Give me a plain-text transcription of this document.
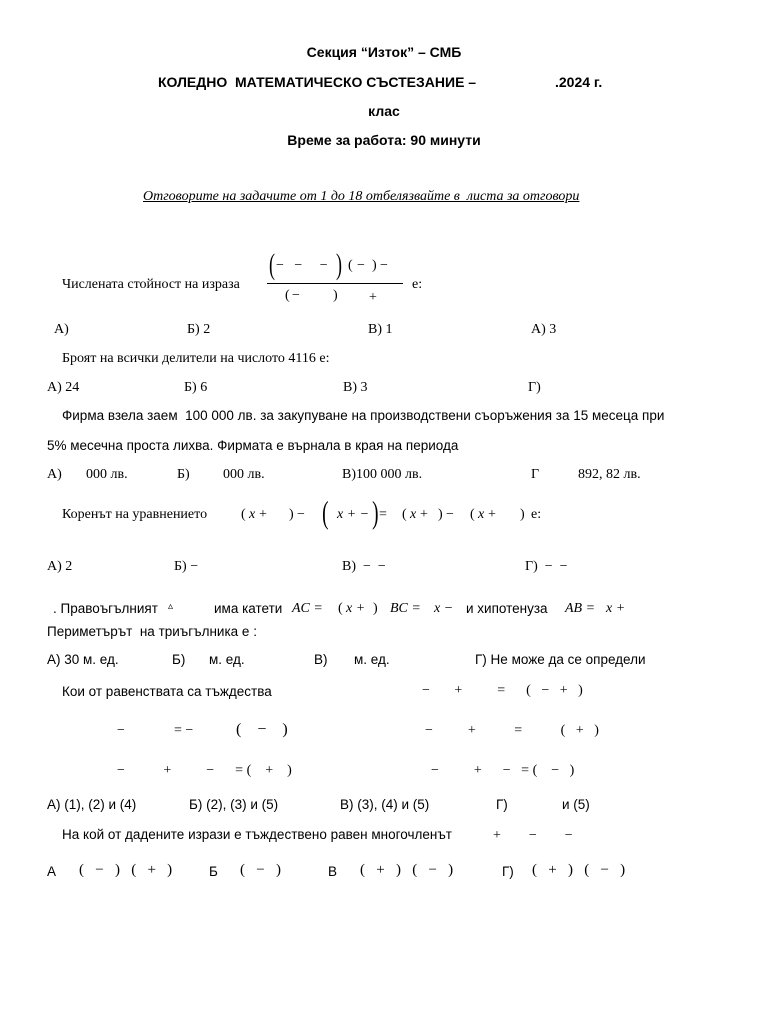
Секция “Изток” – СМБ
КОЛЕДНО  МАТЕМАТИЧЕСКО СЪСТЕЗАНИЕ –	.2024 г.
клас
Време за работа: 90 минути
Отговорите на задачите от 1 до 18 отбелязвайте в  листа за отговори
Числената стойност на израза
( −   −     − ) ( − ) −
( − ) +
е:
А)	Б) 2	В) 1	А) 3
Броят на всички делители на числото 4116 е:
А) 24	Б) 6	В) 3	Г)
Фирма взела заем  100 000 лв. за закупуване на производствени съоръжения за 15 месеца при
5% месечна проста лихва. Фирмата е върнала в края на периода
А) 000 лв.	Б) 000 лв.	В)100 000 лв.	Г	892, 82 лв.
Коренът на уравнението ( x + ) − ( x + − ) = ( x + ) − ( x + ) е:
А) 2	Б) −	В)  −  −	Г)  −  −
. Правоъгълният ▵	има катети AC = ( x + ) BC = x − и хипотенуза AB = x +
Периметърът  на триъгълника е :
А) 30 м. ед.	Б) м. ед.	В) м. ед.	Г) Не може да се определи
Кои от равенствата са тъждества	−       +          =      (   −   +   )
−	= −	(    −    )	−          +           =           (   +   )
−           +          −      = (    +    )	−          +      −   = (    −   )
А) (1), (2) и (4)	Б) (2), (3) и (5)	В) (3), (4) и (5)	Г)	и (5)
На кой от дадените изрази е тъждествено равен многочленът	+        −        −
А (   −   )   (   +   )	Б (   −   )	В (   +   )   (   −   )	Г) (   +   )   (   −   )
